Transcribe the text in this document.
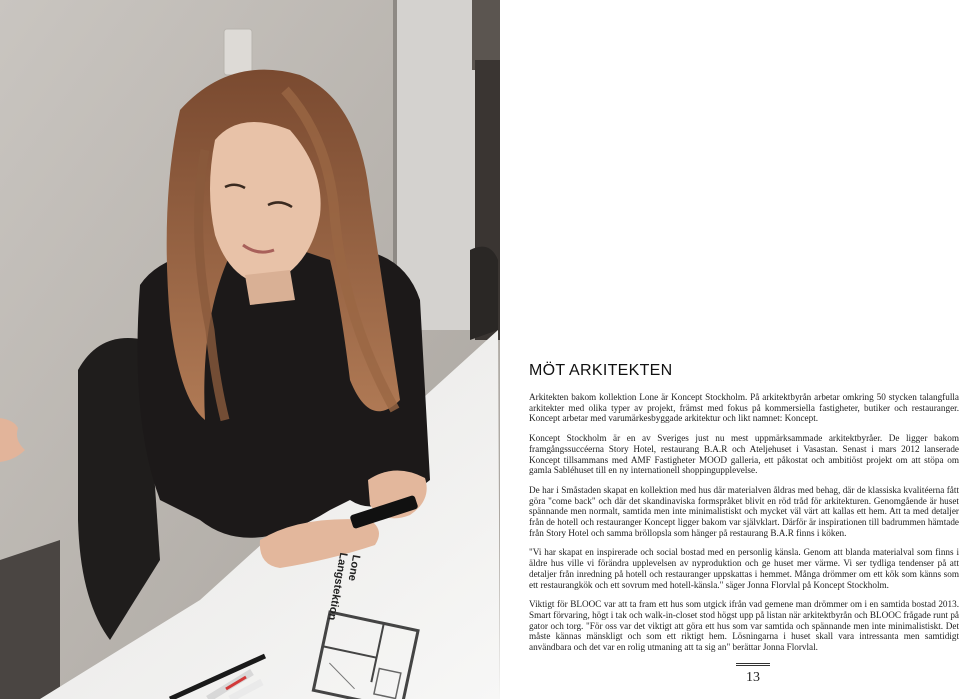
Lone
Langstektion
MÖT ARKITEKTEN

Arkitekten bakom kollektion Lone är Koncept Stockholm. På arkitektbyrån arbetar omkring 50 stycken talangfulla arkitekter med olika typer av projekt, främst med fokus på kommersiella fastigheter, butiker och restauranger. Koncept arbetar med varumärkesbyggade arkitektur och likt namnet: Koncept.

Koncept Stockholm är en av Sveriges just nu mest uppmärksammade arkitektbyråer. De ligger bakom framgångssuccéerna Story Hotel, restaurang B.A.R och Ateljehuset i Vasastan. Senast i mars 2012 lanserade Koncept tillsammans med AMF Fastigheter MOOD galleria, ett påkostat och ambitiöst projekt om att stöpa om gamla Sabléhuset till en ny internationell shoppingupplevelse.

De har i Småstaden skapat en kollektion med hus där materialven åldras med behag, där de klassiska kvalitéerna fått göra "come back" och där det skandinaviska formspråket blivit en röd tråd för arkitekturen. Genomgående är huset spännande men normalt, samtida men inte minimalistiskt och mycket väl värt att kallas ett hem. Att ta med detaljer från de hotell och restauranger Koncept ligger bakom var självklart. Därför är inspirationen till badrummen hämtade från Story Hotel och samma bröllopsla som hänger på restaurang B.A.R finns i köken.

"Vi har skapat en inspirerade och social bostad med en personlig känsla. Genom att blanda materialval som finns i äldre hus ville vi förändra upplevelsen av nyproduktion och ge huset mer värme. Vi ser tydliga tendenser på att detaljer från inredning på hotell och restauranger uppskattas i hemmet. Många drömmer om ett kök som känns som ett restaurangkök och ett sovrum med hotell-känsla." säger Jonna Florvlal på Koncept Stockholm.

Viktigt för BLOOC var att ta fram ett hus som utgick ifrån vad gemene man drömmer om i en samtida bostad 2013. Smart förvaring, högt i tak och walk-in-closet stod högst upp på listan när arkitektbyrån och BLOOC frågade runt på gator och torg. "För oss var det viktigt att göra ett hus som var samtida och spännande men inte minimalistiskt. Det måste kännas mänskligt och som ett riktigt hem. Lösningarna i huset skall vara intressanta men samtidigt användbara och det var en rolig utmaning att ta sig an" berättar Jonna Florvlal.

13
